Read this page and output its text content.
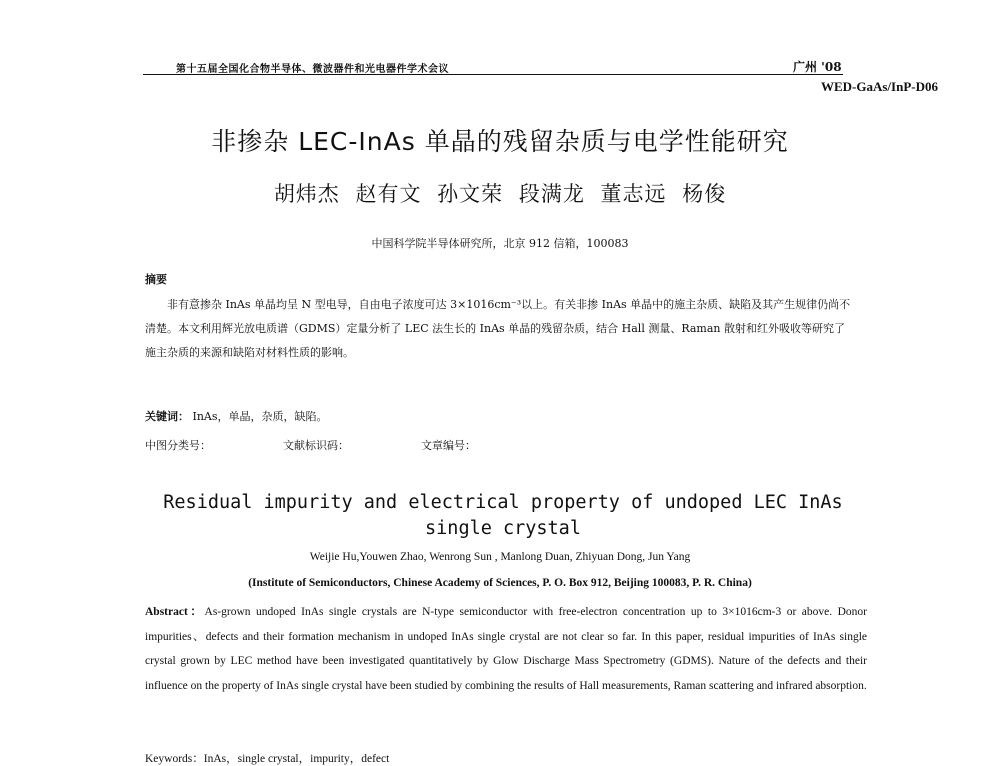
第十五届全国化合物半导体、微波器件和光电器件学术会议	广州 '08
WED-GaAs/InP-D06
非掺杂 LEC-InAs 单晶的残留杂质与电学性能研究
胡炜杰 赵有文 孙文荣 段满龙 董志远 杨俊
中国科学院半导体研究所，北京 912 信箱，100083
摘要
非有意掺杂 InAs 单晶均呈 N 型电导，自由电子浓度可达 3×1016cm⁻³以上。有关非掺 InAs 单晶中的施主杂质、缺陷及其产生规律仍尚不清楚。本文利用辉光放电质谱（GDMS）定量分析了 LEC 法生长的 InAs 单晶的残留杂质，结合 Hall 测量、Raman 散射和红外吸收等研究了施主杂质的来源和缺陷对材料性质的影响。
关键词： InAs，单晶，杂质，缺陷。
中图分类号：	文献标识码：	文章编号：
Residual impurity and electrical property of undoped LEC InAs single crystal
Weijie Hu,Youwen Zhao, Wenrong Sun , Manlong Duan, Zhiyuan Dong, Jun Yang
(Institute of Semiconductors, Chinese Academy of Sciences, P. O. Box 912, Beijing 100083, P. R. China)
Abstract：As-grown undoped InAs single crystals are N-type semiconductor with free-electron concentration up to 3×1016cm-3 or above. Donor impurities、defects and their formation mechanism in undoped InAs single crystal are not clear so far. In this paper, residual impurities of InAs single crystal grown by LEC method have been investigated quantitatively by Glow Discharge Mass Spectrometry (GDMS). Nature of the defects and their influence on the property of InAs single crystal have been studied by combining the results of Hall measurements, Raman scattering and infrared absorption.
Keywords：InAs，single crystal，impurity，defect
